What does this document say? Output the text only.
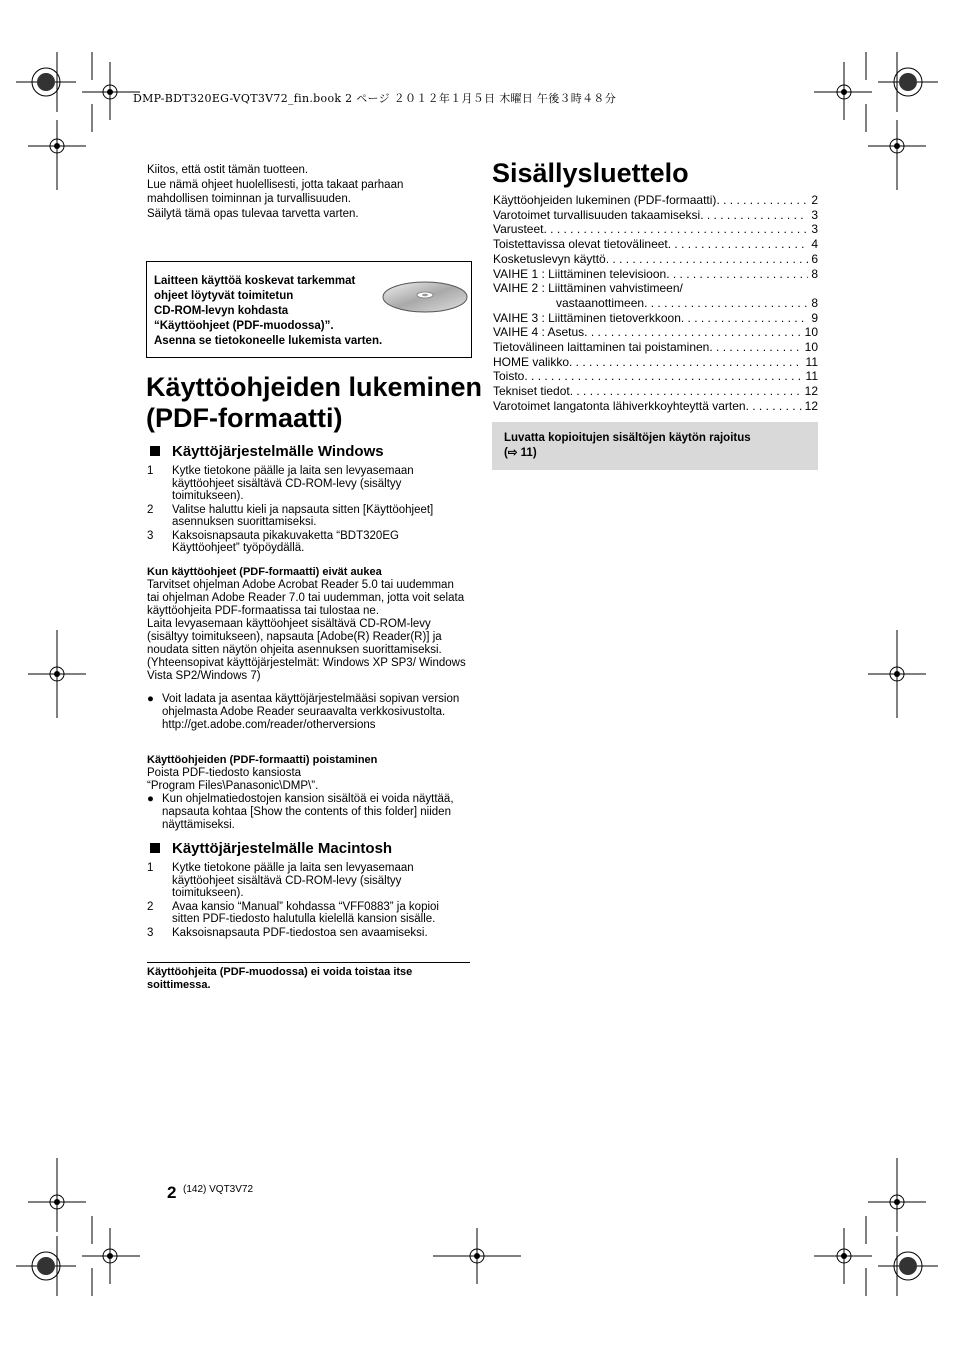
DMP-BDT320EG-VQT3V72_fin.book 2 ページ ２０１２年１月５日 木曜日 午後３時４８分
Kiitos, että ostit tämän tuotteen.
Lue nämä ohjeet huolellisesti, jotta takaat parhaan
mahdollisen toiminnan ja turvallisuuden.
Säilytä tämä opas tulevaa tarvetta varten.
Laitteen käyttöä koskevat tarkemmat
ohjeet löytyvät toimitetun
CD-ROM-levyn kohdasta
“Käyttöohjeet (PDF-muodossa)”.
Asenna se tietokoneelle lukemista varten.
Käyttöohjeiden lukeminen
(PDF-formaatti)
Käyttöjärjestelmälle Windows
1 Kytke tietokone päälle ja laita sen levyasemaan käyttöohjeet sisältävä CD-ROM-levy (sisältyy toimitukseen).
2 Valitse haluttu kieli ja napsauta sitten [Käyttöohjeet] asennuksen suorittamiseksi.
3 Kaksoisnapsauta pikakuvaketta “BDT320EG Käyttöohjeet” työpöydällä.
Kun käyttöohjeet (PDF-formaatti) eivät aukea
Tarvitset ohjelman Adobe Acrobat Reader 5.0 tai uudemman tai ohjelman Adobe Reader 7.0 tai uudemman, jotta voit selata käyttöohjeita PDF-formaatissa tai tulostaa ne.
Laita levyasemaan käyttöohjeet sisältävä CD-ROM-levy (sisältyy toimitukseen), napsauta [Adobe(R) Reader(R)] ja noudata sitten näytön ohjeita asennuksen suorittamiseksi.
(Yhteensopivat käyttöjärjestelmät: Windows XP SP3/ Windows Vista SP2/Windows 7)
● Voit ladata ja asentaa käyttöjärjestelmääsi sopivan version ohjelmasta Adobe Reader seuraavalta verkkosivustolta.
http://get.adobe.com/reader/otherversions
Käyttöohjeiden (PDF-formaatti) poistaminen
Poista PDF-tiedosto kansiosta
“Program Files\Panasonic\DMP\”.
● Kun ohjelmatiedostojen kansion sisältöä ei voida näyttää, napsauta kohtaa [Show the contents of this folder] niiden näyttämiseksi.
Käyttöjärjestelmälle Macintosh
1 Kytke tietokone päälle ja laita sen levyasemaan käyttöohjeet sisältävä CD-ROM-levy (sisältyy toimitukseen).
2 Avaa kansio “Manual” kohdassa “VFF0883” ja kopioi sitten PDF-tiedosto halutulla kielellä kansion sisälle.
3 Kaksoisnapsauta PDF-tiedostoa sen avaamiseksi.
Käyttöohjeita (PDF-muodossa) ei voida toistaa itse soittimessa.
Sisällysluettelo
Käyttöohjeiden lukeminen (PDF-formaatti) . . .	2
Varotoimet turvallisuuden takaamiseksi . . .	3
Varusteet . . .	3
Toistettavissa olevat tietovälineet . . .	4
Kosketuslevyn käyttö . . .	6
VAIHE 1 : Liittäminen televisioon . . .	8
VAIHE 2 : Liittäminen vahvistimeen/
vastaanottimeen . . .	8
VAIHE 3 : Liittäminen tietoverkkoon . . .	9
VAIHE 4 : Asetus . . .	10
Tietovälineen laittaminen tai poistaminen . . .	10
HOME valikko . . .	11
Toisto . . .	11
Tekniset tiedot . . .	12
Varotoimet langatonta lähiverkkoyhteyttä varten . . .	12
Luvatta kopioitujen sisältöjen käytön rajoitus
(⇨ 11)
2 (142) VQT3V72
